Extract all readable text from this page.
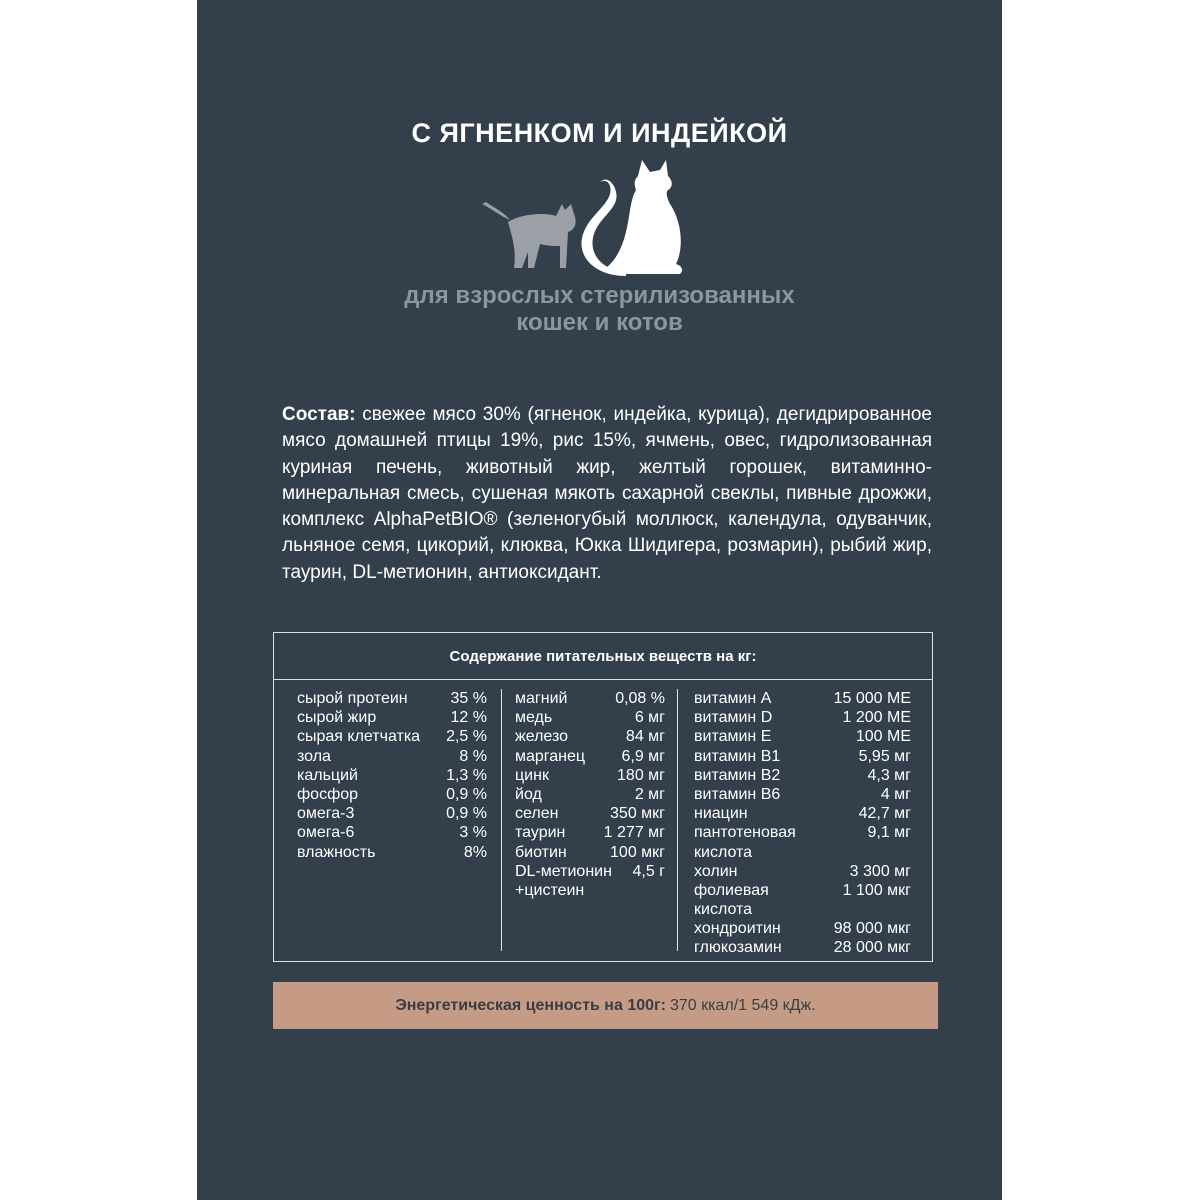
С ЯГНЕНКОМ И ИНДЕЙКОЙ
для взрослых стерилизованных
кошек и котов
Состав: свежее мясо 30% (ягненок, индейка, курица), дегидрированное мясо домашней птицы 19%, рис 15%, ячмень, овес, гидролизованная куриная печень, животный жир, желтый горошек, витаминно-минеральная смесь, сушеная мякоть сахарной свеклы, пивные дрожжи, комплекс AlphaPetBIO® (зеленогубый моллюск, календула, одуванчик, льняное семя, цикорий, клюква, Юкка Шидигера, розмарин), рыбий жир, таурин, DL-метионин, антиоксидант.
Содержание питательных веществ на кг:
сырой протеин	35 %
сырой жир	12 %
сырая клетчатка 2,5 %
зола	8 %
кальций	1,3 %
фосфор	0,9 %
омега-3	0,9 %
омега-6	3 %
влажность	8%
магний	0,08 %
медь	6 мг
железо	84 мг
марганец 6,9 мг
цинк	180 мг
йод	2 мг
селен	350 мкг
таурин 1 277 мг
биотин	100 мкг
DL-метионин 4,5 г
+цистеин
витамин А	15 000 МЕ
витамин D	1 200 МЕ
витамин Е	100 МЕ
витамин В1	5,95 мг
витамин В2	4,3 мг
витамин В6	4 мг
ниацин	42,7 мг
пантотеновая	9,1 мг
кислота
холин	3 300 мг
фолиевая	1 100 мкг
кислота
хондроитин	98 000 мкг
глюкозамин	28 000 мкг
Энергетическая ценность на 100г: 370 ккал/1 549 кДж.
